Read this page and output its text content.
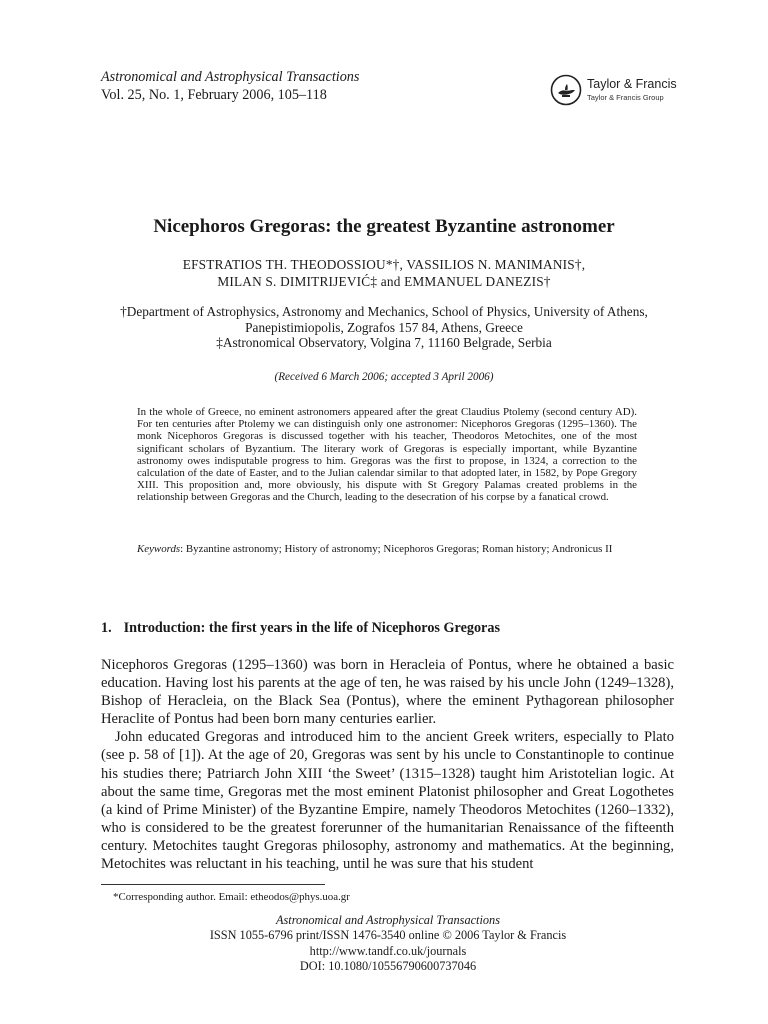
Astronomical and Astrophysical Transactions
Vol. 25, No. 1, February 2006, 105–118
Taylor & Francis
Taylor & Francis Group
Nicephoros Gregoras: the greatest Byzantine astronomer
EFSTRATIOS TH. THEODOSSIOU*†, VASSILIOS N. MANIMANIS†,
MILAN S. DIMITRIJEVIĆ‡ and EMMANUEL DANEZIS†
†Department of Astrophysics, Astronomy and Mechanics, School of Physics, University of Athens,
Panepistimiopolis, Zografos 157 84, Athens, Greece
‡Astronomical Observatory, Volgina 7, 11160 Belgrade, Serbia
(Received 6 March 2006; accepted 3 April 2006)
In the whole of Greece, no eminent astronomers appeared after the great Claudius Ptolemy (second century AD). For ten centuries after Ptolemy we can distinguish only one astronomer: Nicephoros Gregoras (1295–1360). The monk Nicephoros Gregoras is discussed together with his teacher, Theodoros Metochites, one of the most significant scholars of Byzantium. The literary work of Gregoras is especially important, while Byzantine astronomy owes indisputable progress to him. Gregoras was the first to propose, in 1324, a correction to the calculation of the date of Easter, and to the Julian calendar similar to that adopted later, in 1582, by Pope Gregory XIII. This proposition and, more obviously, his dispute with St Gregory Palamas created problems in the relationship between Gregoras and the Church, leading to the desecration of his corpse by a fanatical crowd.
Keywords: Byzantine astronomy; History of astronomy; Nicephoros Gregoras; Roman history; Andronicus II
1. Introduction: the first years in the life of Nicephoros Gregoras

Nicephoros Gregoras (1295–1360) was born in Heracleia of Pontus, where he obtained a basic education. Having lost his parents at the age of ten, he was raised by his uncle John (1249–1328), Bishop of Heracleia, on the Black Sea (Pontus), where the eminent Pythagorean philosopher Heraclite of Pontus had been born many centuries earlier.

John educated Gregoras and introduced him to the ancient Greek writers, especially to Plato (see p. 58 of [1]). At the age of 20, Gregoras was sent by his uncle to Constantinople to continue his studies there; Patriarch John XIII ‘the Sweet’ (1315–1328) taught him Aristotelian logic. At about the same time, Gregoras met the most eminent Platonist philosopher and Great Logothetes (a kind of Prime Minister) of the Byzantine Empire, namely Theodoros Metochites (1260–1332), who is considered to be the greatest forerunner of the humanitarian Renaissance of the fifteenth century. Metochites taught Gregoras philosophy, astronomy and mathematics. At the beginning, Metochites was reluctant in his teaching, until he was sure that his student

*Corresponding author. Email: etheodos@phys.uoa.gr
Astronomical and Astrophysical Transactions
ISSN 1055-6796 print/ISSN 1476-3540 online © 2006 Taylor & Francis
http://www.tandf.co.uk/journals
DOI: 10.1080/10556790600737046
